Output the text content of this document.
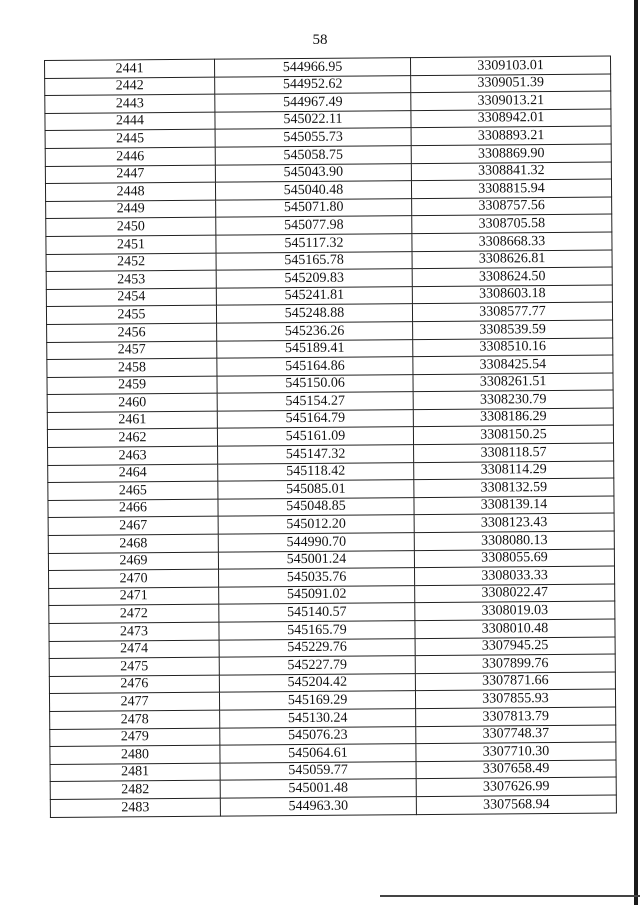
58
2441	544966.95	3309103.01
2442	544952.62	3309051.39
2443	544967.49	3309013.21
2444	545022.11	3308942.01
2445	545055.73	3308893.21
2446	545058.75	3308869.90
2447	545043.90	3308841.32
2448	545040.48	3308815.94
2449	545071.80	3308757.56
2450	545077.98	3308705.58
2451	545117.32	3308668.33
2452	545165.78	3308626.81
2453	545209.83	3308624.50
2454	545241.81	3308603.18
2455	545248.88	3308577.77
2456	545236.26	3308539.59
2457	545189.41	3308510.16
2458	545164.86	3308425.54
2459	545150.06	3308261.51
2460	545154.27	3308230.79
2461	545164.79	3308186.29
2462	545161.09	3308150.25
2463	545147.32	3308118.57
2464	545118.42	3308114.29
2465	545085.01	3308132.59
2466	545048.85	3308139.14
2467	545012.20	3308123.43
2468	544990.70	3308080.13
2469	545001.24	3308055.69
2470	545035.76	3308033.33
2471	545091.02	3308022.47
2472	545140.57	3308019.03
2473	545165.79	3308010.48
2474	545229.76	3307945.25
2475	545227.79	3307899.76
2476	545204.42	3307871.66
2477	545169.29	3307855.93
2478	545130.24	3307813.79
2479	545076.23	3307748.37
2480	545064.61	3307710.30
2481	545059.77	3307658.49
2482	545001.48	3307626.99
2483	544963.30	3307568.94
